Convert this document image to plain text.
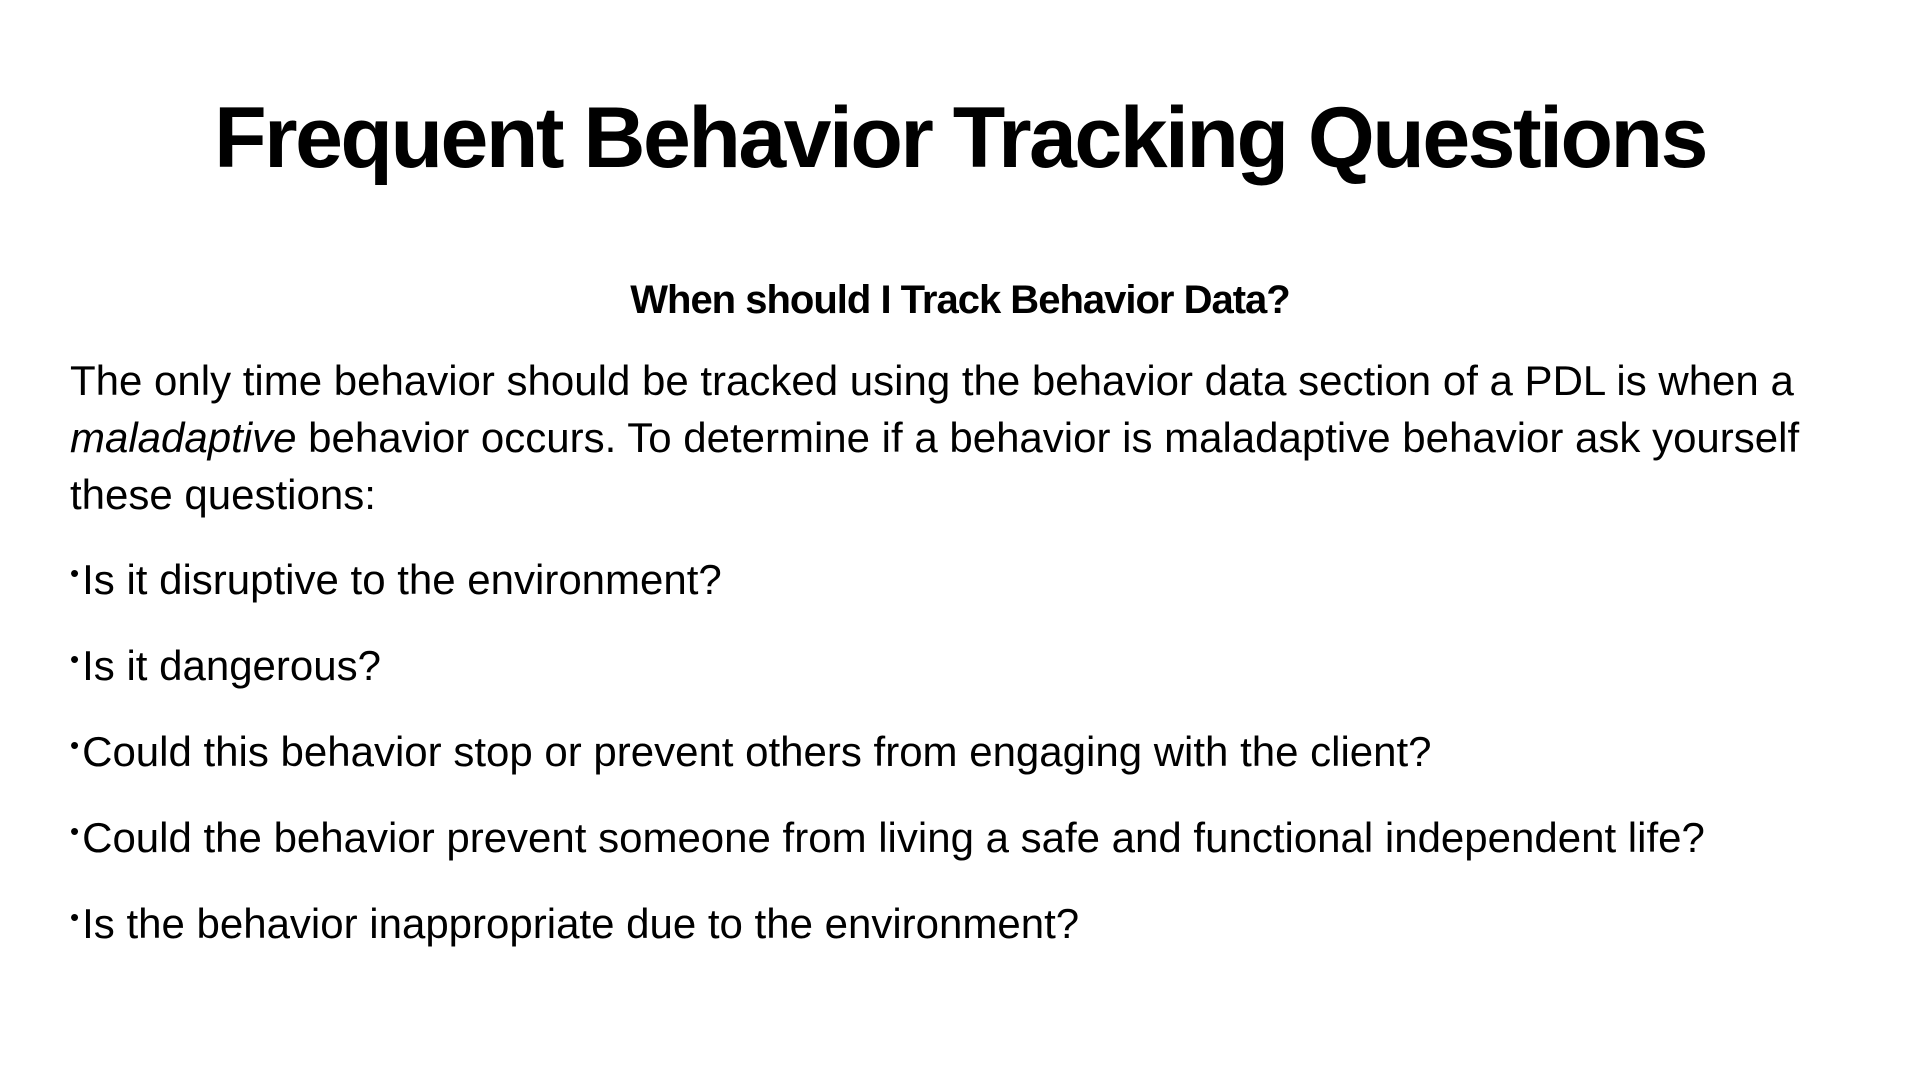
Frequent Behavior Tracking Questions
When should I Track Behavior Data?

The only time behavior should be tracked using the behavior data section of a PDL is when a maladaptive behavior occurs. To determine if a behavior is maladaptive behavior ask yourself these questions:

•Is it disruptive to the environment?

•Is it dangerous?

•Could this behavior stop or prevent others from engaging with the client?

•Could the behavior prevent someone from living a safe and functional independent life?

•Is the behavior inappropriate due to the environment?
